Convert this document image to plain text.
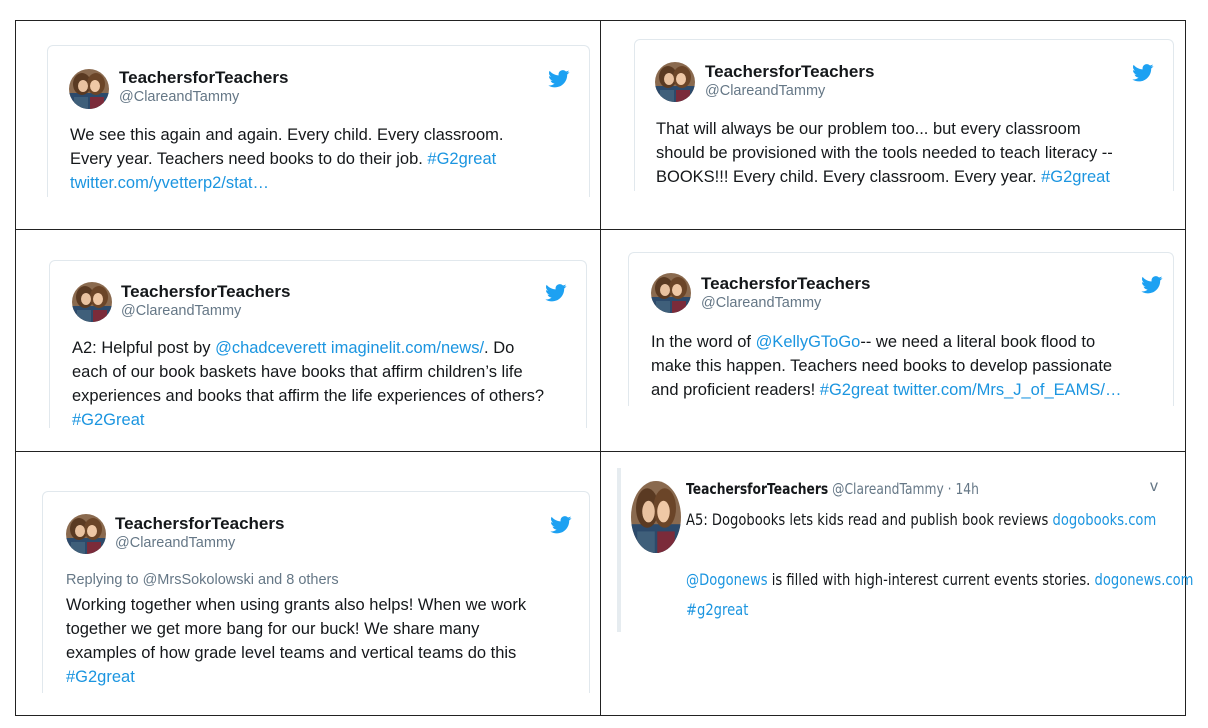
TeachersforTeachers
@ClareandTammy

We see this again and again. Every child. Every classroom.

Every year. Teachers need books to do their job. #G2great

twitter.com/yvetterp2/stat…

TeachersforTeachers
@ClareandTammy

That will always be our problem too... but every classroom

should be provisioned with the tools needed to teach literacy --

BOOKS!!! Every child. Every classroom. Every year. #G2great

TeachersforTeachers
@ClareandTammy

A2: Helpful post by @chadceverett imaginelit.com/news/. Do

each of our book baskets have books that affirm children’s life

experiences and books that affirm the life experiences of others?

#G2Great

TeachersforTeachers
@ClareandTammy

In the word of @KellyGToGo-- we need a literal book flood to

make this happen. Teachers need books to develop passionate

and proficient readers! #G2great twitter.com/Mrs_J_of_EAMS/…

TeachersforTeachers
@ClareandTammy
Replying to @MrsSokolowski and 8 others

Working together when using grants also helps! When we work

together we get more bang for our buck! We share many

examples of how grade level teams and vertical teams do this

#G2great

TeachersforTeachers @ClareandTammy · 14h	v
A5: Dogobooks lets kids read and publish book reviews dogobooks.com
@Dogonews is filled with high-interest current events stories. dogonews.com
#g2great
